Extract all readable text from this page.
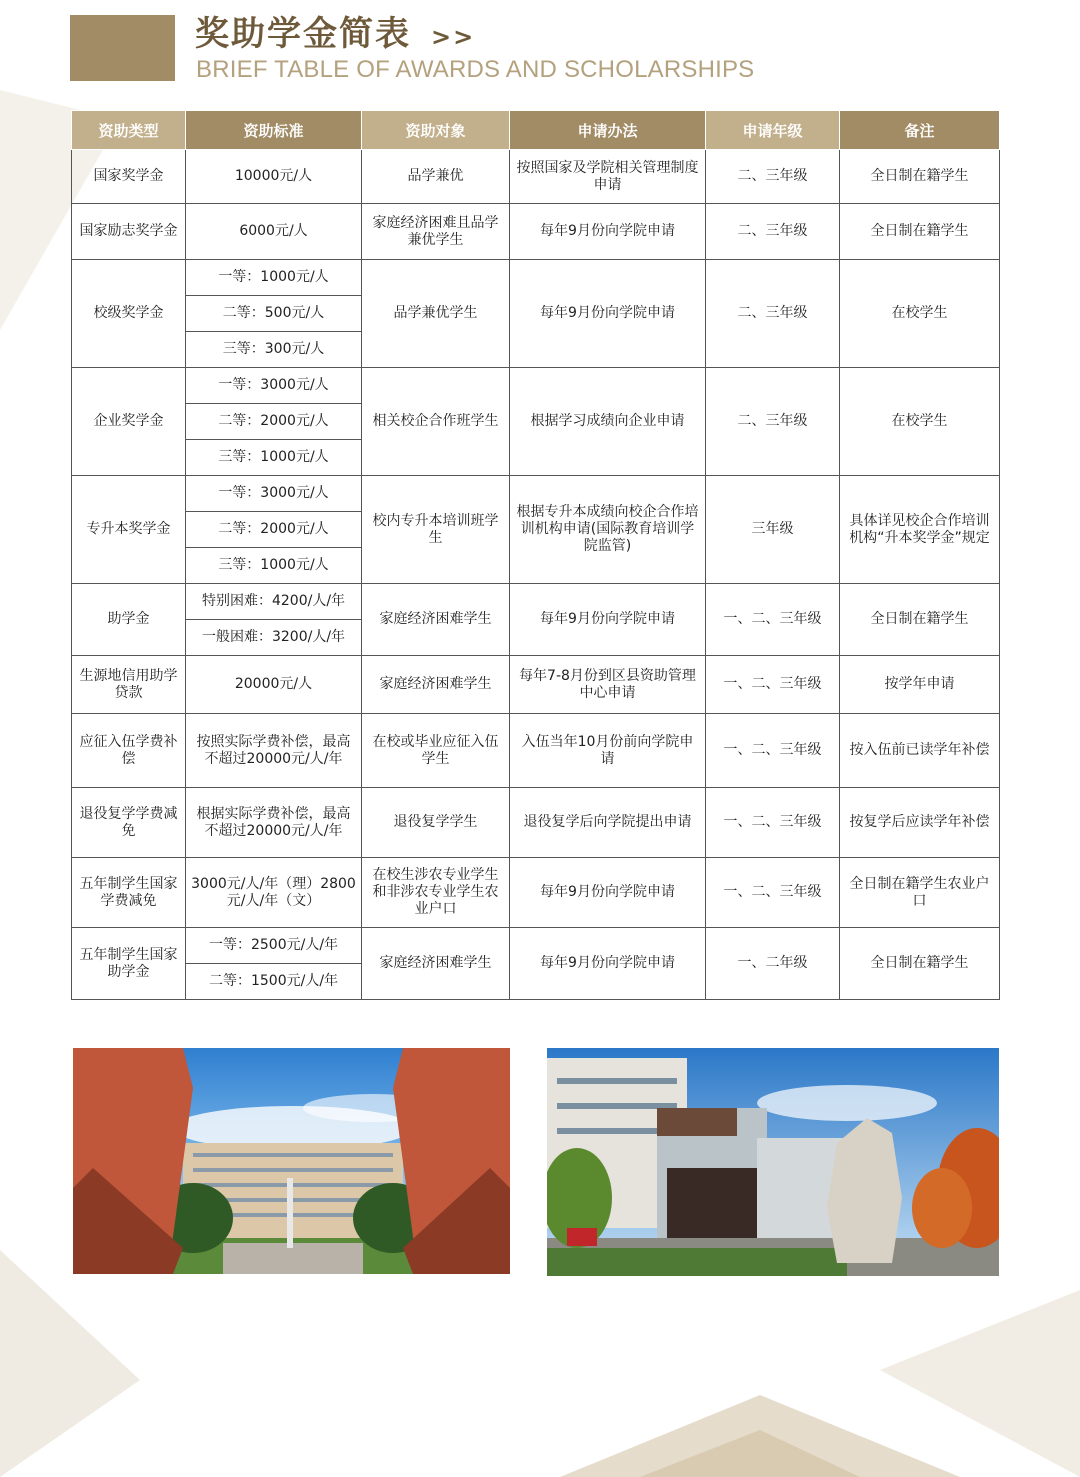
奖助学金简表 >>
BRIEF TABLE OF AWARDS AND SCHOLARSHIPS
资助类型	资助标准	资助对象	申请办法	申请年级	备注
国家奖学金	10000元/人	品学兼优	按照国家及学院相关管理制度申请	二、三年级	全日制在籍学生
国家励志奖学金	6000元/人	家庭经济困难且品学兼优学生	每年9月份向学院申请	二、三年级	全日制在籍学生
校级奖学金	一等：1000元/人	品学兼优学生	每年9月份向学院申请	二、三年级	在校学生
	二等：500元/人				
	三等：300元/人				
企业奖学金	一等：3000元/人	相关校企合作班学生	根据学习成绩向企业申请	二、三年级	在校学生
	二等：2000元/人				
	三等：1000元/人				
专升本奖学金	一等：3000元/人	校内专升本培训班学生	根据专升本成绩向校企合作培训机构申请(国际教育培训学院监管)	三年级	具体详见校企合作培训机构“升本奖学金”规定
	二等：2000元/人				
	三等：1000元/人				
助学金	特别困难：4200/人/年	家庭经济困难学生	每年9月份向学院申请	一、二、三年级	全日制在籍学生
	一般困难：3200/人/年				
生源地信用助学贷款	20000元/人	家庭经济困难学生	每年7-8月份到区县资助管理中心申请	一、二、三年级	按学年申请
应征入伍学费补偿	按照实际学费补偿，最高不超过20000元/人/年	在校或毕业应征入伍学生	入伍当年10月份前向学院申请	一、二、三年级	按入伍前已读学年补偿
退役复学学费减免	根据实际学费补偿，最高不超过20000元/人/年	退役复学学生	退役复学后向学院提出申请	一、二、三年级	按复学后应读学年补偿
五年制学生国家学费减免	3000元/人/年（理）2800元/人/年（文）	在校生涉农专业学生和非涉农专业学生农业户口	每年9月份向学院申请	一、二、三年级	全日制在籍学生农业户口
五年制学生国家助学金	一等：2500元/人/年	家庭经济困难学生	每年9月份向学院申请	一、二年级	全日制在籍学生
	二等：1500元/人/年				
